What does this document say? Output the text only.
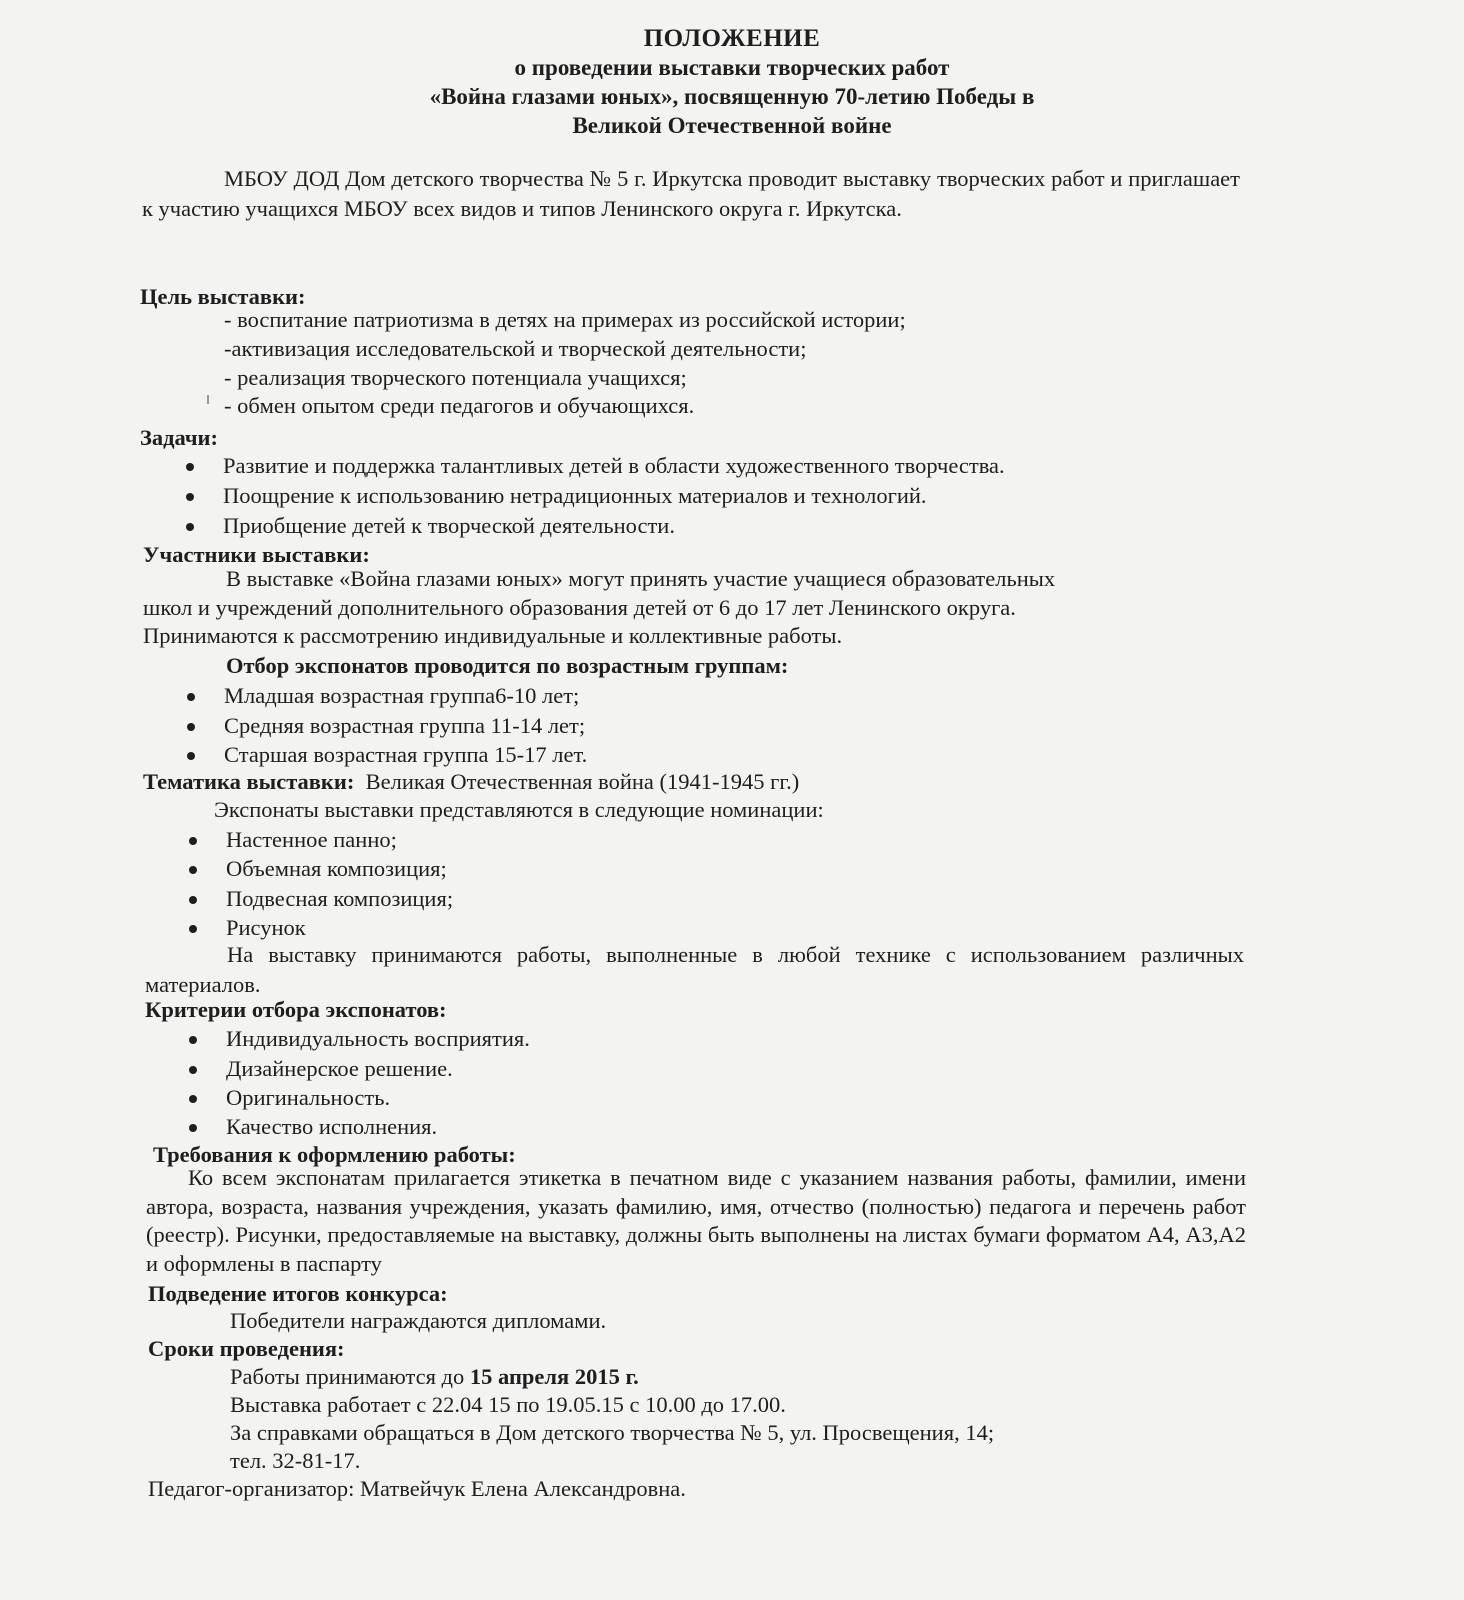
ПОЛОЖЕНИЕ
о проведении выставки творческих работ
«Война глазами юных», посвященную 70-летию Победы в
Великой Отечественной войне
МБОУ ДОД Дом детского творчества № 5 г. Иркутска проводит выставку творческих работ и приглашает к участию учащихся МБОУ всех видов и типов Ленинского округа г. Иркутска.
Цель выставки:
- воспитание патриотизма в детях на примерах из российской истории;
-активизация исследовательской и творческой деятельности;
- реализация творческого потенциала учащихся;
- обмен опытом среди педагогов и обучающихся.
Задачи:
Развитие и поддержка талантливых детей в области художественного творчества.
Поощрение к использованию нетрадиционных материалов и технологий.
Приобщение детей к творческой деятельности.
Участники выставки:
В выставке «Война глазами юных» могут принять участие учащиеся образовательных
школ и учреждений дополнительного образования детей от 6 до 17 лет Ленинского округа.
Принимаются к рассмотрению индивидуальные и коллективные работы.
Отбор экспонатов проводится по возрастным группам:
Младшая возрастная группа6-10 лет;
Средняя возрастная группа 11-14 лет;
Старшая возрастная группа 15-17 лет.
Тематика выставки: Великая Отечественная война (1941-1945 гг.)
Экспонаты выставки представляются в следующие номинации:
Настенное панно;
Объемная композиция;
Подвесная композиция;
Рисунок
На выставку принимаются работы, выполненные в любой технике с использованием различных материалов.
Критерии отбора экспонатов:
Индивидуальность восприятия.
Дизайнерское решение.
Оригинальность.
Качество исполнения.
Требования к оформлению работы:
Ко всем экспонатам прилагается этикетка в печатном виде с указанием названия работы, фамилии, имени автора, возраста, названия учреждения, указать фамилию, имя, отчество (полностью) педагога и перечень работ (реестр). Рисунки, предоставляемые на выставку, должны быть выполнены на листах бумаги форматом А4, А3,А2 и оформлены в паспарту
Подведение итогов конкурса:
Победители награждаются дипломами.
Сроки проведения:
Работы принимаются до 15 апреля 2015 г.
Выставка работает с 22.04 15 по 19.05.15 с 10.00 до 17.00.
За справками обращаться в Дом детского творчества № 5, ул. Просвещения, 14;
тел. 32-81-17.
Педагог-организатор: Матвейчук Елена Александровна.
